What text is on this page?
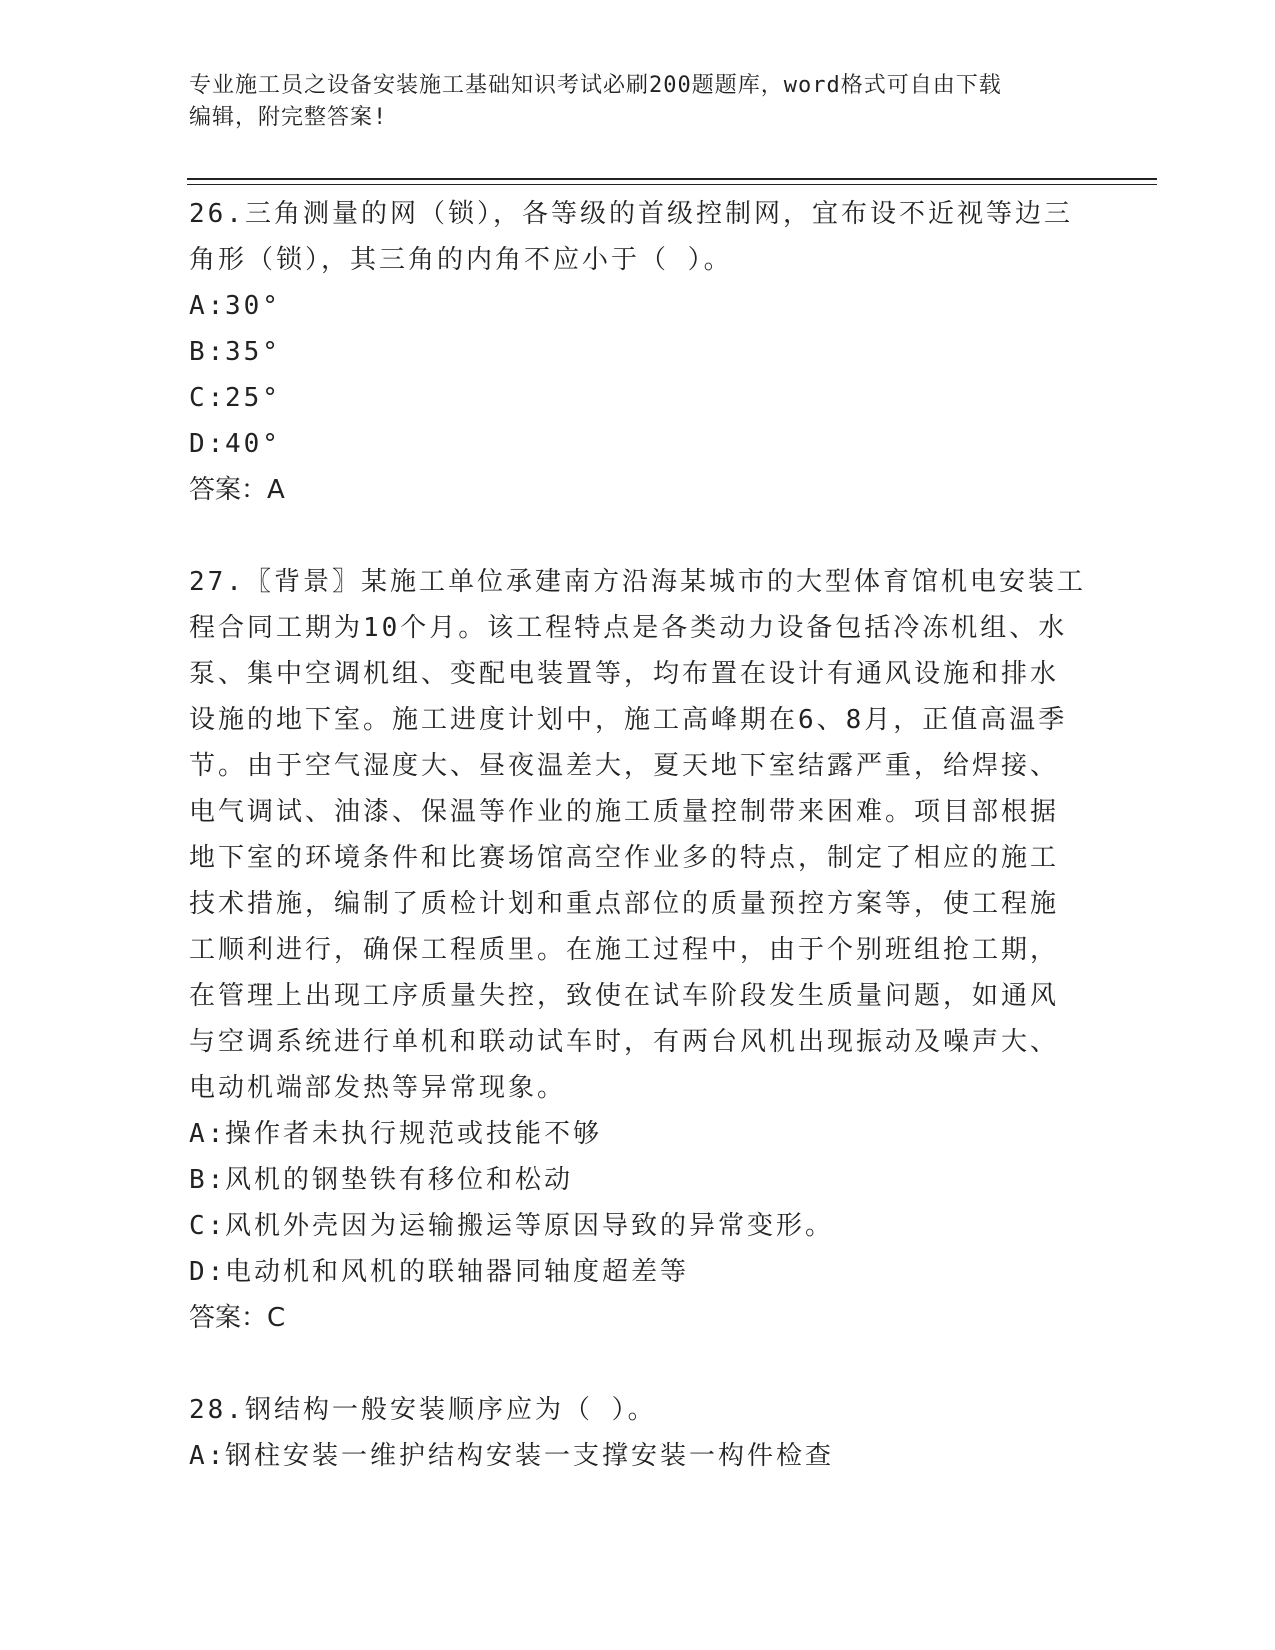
专业施工员之设备安装施工基础知识考试必刷200题题库，word格式可自由下载
编辑，附完整答案!

26.三角测量的网（锁），各等级的首级控制网，宜布设不近视等边三

角形（锁），其三角的内角不应小于（ ）。

A:30°

B:35°

C:25°

D:40°

答案：A

27.〖背景〗某施工单位承建南方沿海某城市的大型体育馆机电安装工

程合同工期为10个月。该工程特点是各类动力设备包括冷冻机组、水

泵、集中空调机组、变配电装置等，均布置在设计有通风设施和排水

设施的地下室。施工进度计划中，施工高峰期在6、8月，正值高温季

节。由于空气湿度大、昼夜温差大，夏天地下室结露严重，给焊接、

电气调试、油漆、保温等作业的施工质量控制带来困难。项目部根据

地下室的环境条件和比赛场馆高空作业多的特点，制定了相应的施工

技术措施，编制了质检计划和重点部位的质量预控方案等，使工程施

工顺利进行，确保工程质里。在施工过程中，由于个别班组抢工期，

在管理上出现工序质量失控，致使在试车阶段发生质量问题，如通风

与空调系统进行单机和联动试车时，有两台风机出现振动及噪声大、

电动机端部发热等异常现象。

A:操作者未执行规范或技能不够

B:风机的钢垫铁有移位和松动

C:风机外壳因为运输搬运等原因导致的异常变形。

D:电动机和风机的联轴器同轴度超差等

答案：C

28.钢结构一般安装顺序应为（ ）。

A:钢柱安装一维护结构安装一支撑安装一构件检查
